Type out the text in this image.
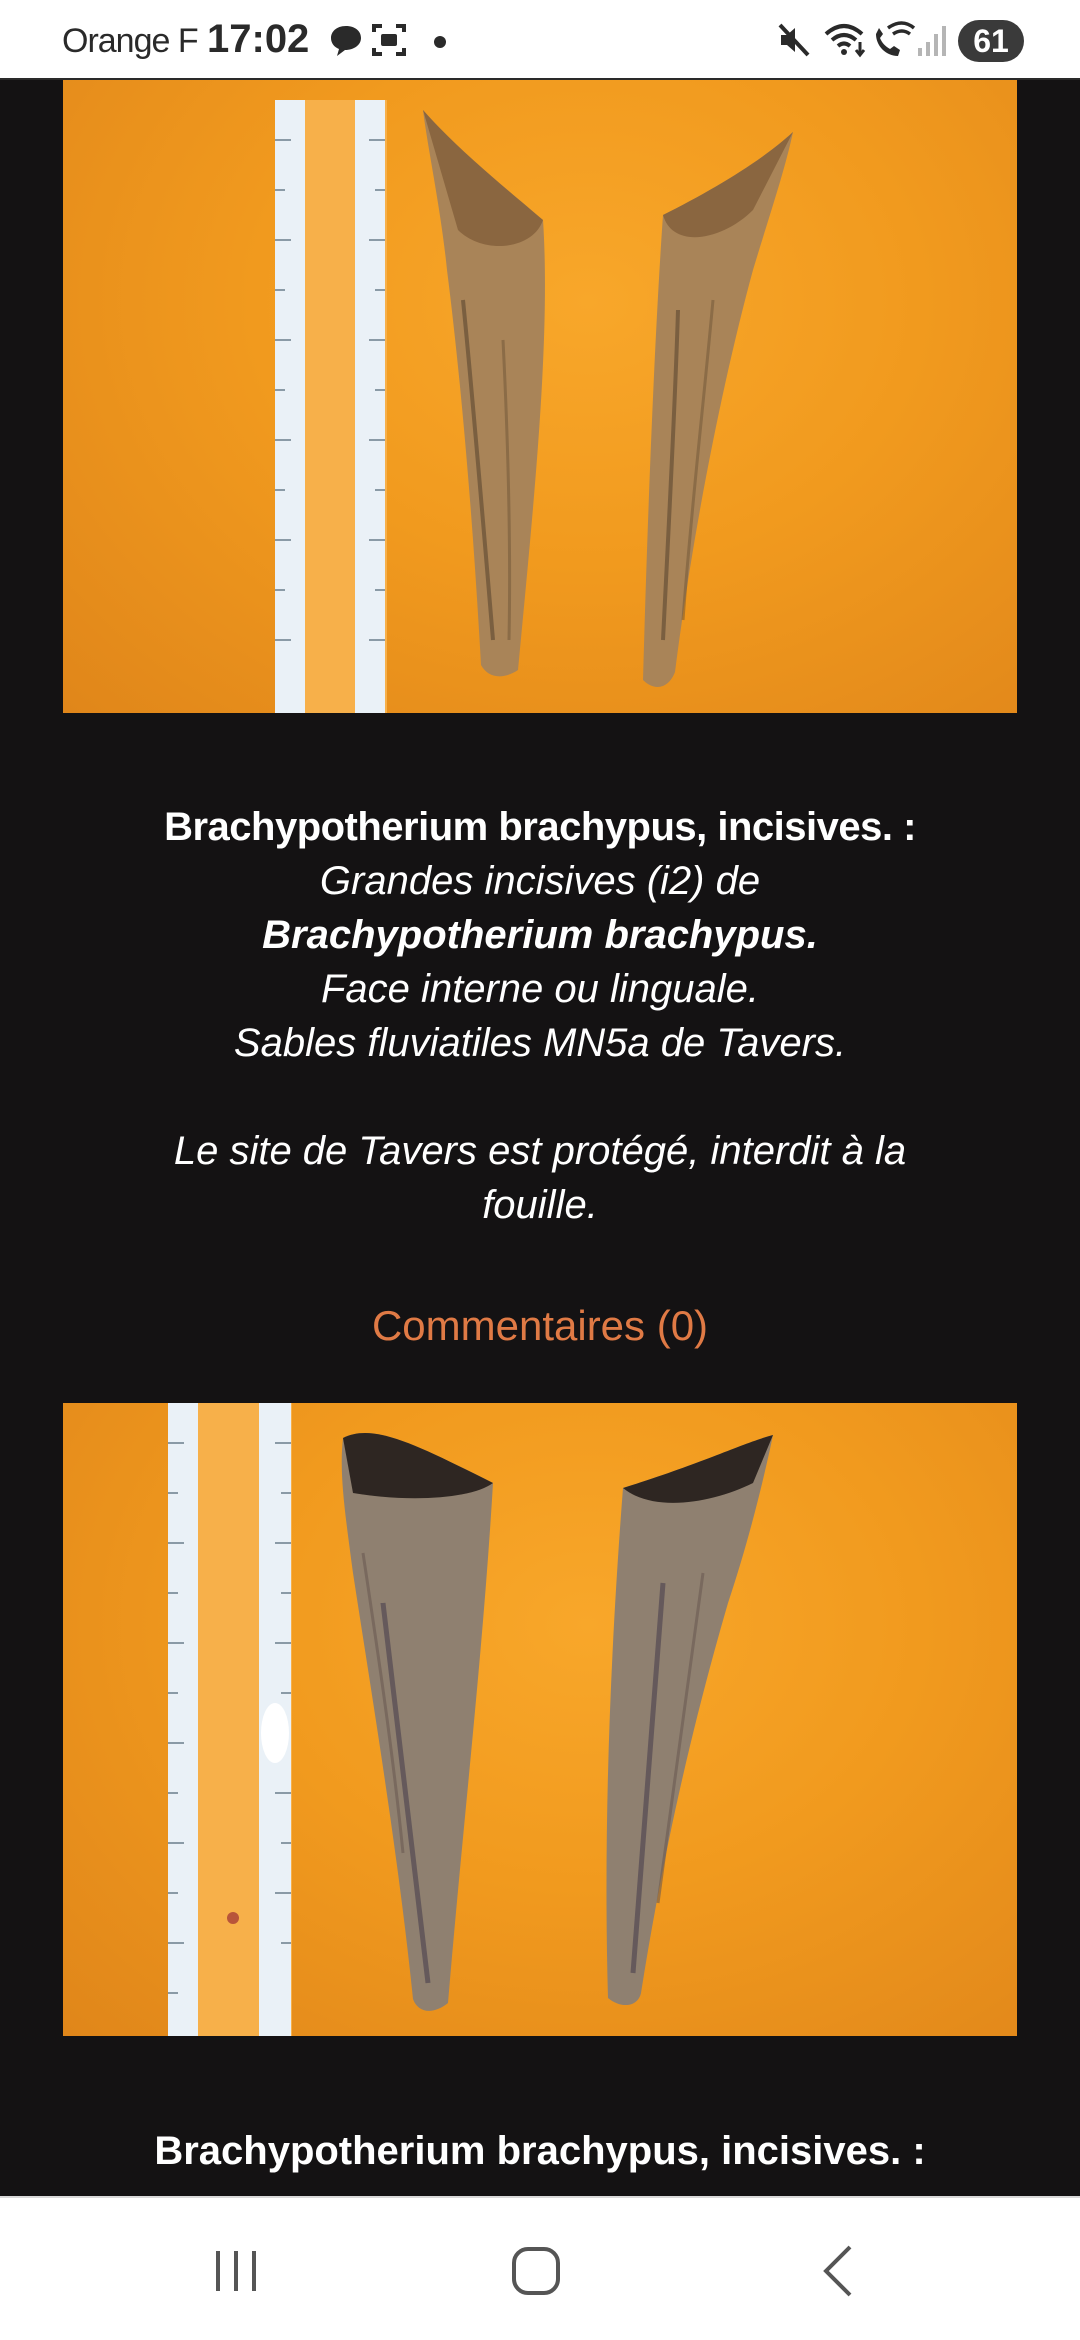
Orange F 17:02	61
Brachypotherium brachypus, incisives. :
Grandes incisives (i2) de
Brachypotherium brachypus.
Face interne ou linguale.
Sables fluviatiles MN5a de Tavers.
Le site de Tavers est protégé, interdit à la
fouille.
Commentaires (0)
Brachypotherium brachypus, incisives. :
